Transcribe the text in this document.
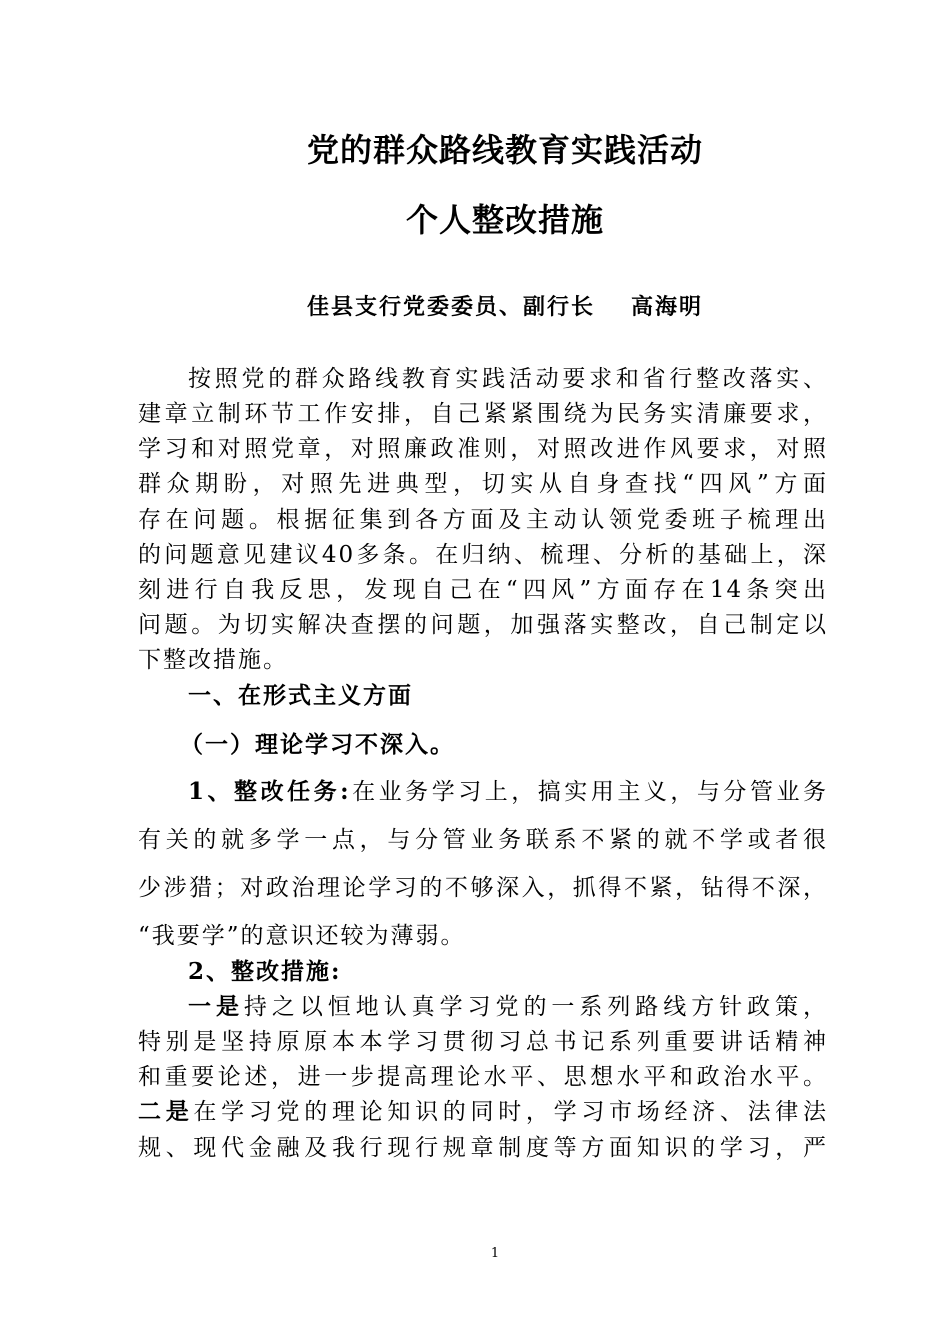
党的群众路线教育实践活动
个人整改措施
佳县支行党委委员、副行长 高海明
按照党的群众路线教育实践活动要求和省行整改落实、
建章立制环节工作安排，自己紧紧围绕为民务实清廉要求，
学习和对照党章，对照廉政准则，对照改进作风要求，对照
群众期盼，对照先进典型，切实从自身查找“四风”方面
存在问题。根据征集到各方面及主动认领党委班子梳理出
的问题意见建议40多条。在归纳、梳理、分析的基础上，深
刻进行自我反思，发现自己在“四风”方面存在14条突出
问题。为切实解决查摆的问题，加强落实整改，自己制定以
下整改措施。
一、在形式主义方面
（一）理论学习不深入。
1、整改任务:在业务学习上，搞实用主义，与分管业务
有关的就多学一点，与分管业务联系不紧的就不学或者很
少涉猎；对政治理论学习的不够深入，抓得不紧，钻得不深，
“我要学”的意识还较为薄弱。
2、整改措施:
一是持之以恒地认真学习党的一系列路线方针政策，
特别是坚持原原本本学习贯彻习总书记系列重要讲话精神
和重要论述，进一步提高理论水平、思想水平和政治水平。
二是在学习党的理论知识的同时，学习市场经济、法律法
规、现代金融及我行现行规章制度等方面知识的学习，严
1
